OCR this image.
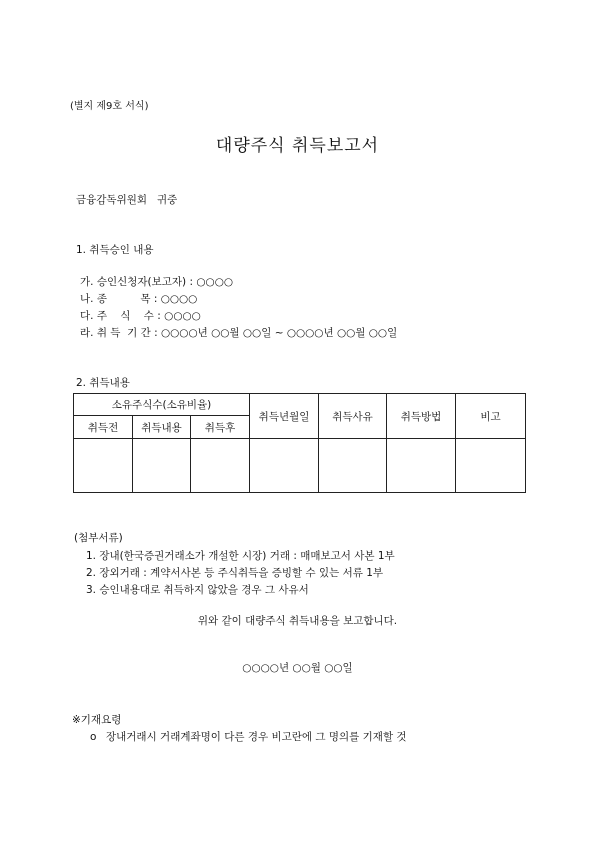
(별지 제9호 서식)
대량주식 취득보고서
금융감독위원회   귀중
1. 취득승인 내용
가. 승인신청자(보고자) : ○○○○
나. 종          목 : ○○○○
다. 주    식    수 : ○○○○
라. 취 득  기 간 : ○○○○년 ○○월 ○○일 ~ ○○○○년 ○○월 ○○일
2. 취득내용
소유주식수(소유비율)			취득년월일	취득사유	취득방법	비고
취득전	취득내용	취득후				

(첨부서류)
1. 장내(한국증권거래소가 개설한 시장) 거래 : 매매보고서 사본 1부
2. 장외거래 : 계약서사본 등 주식취득을 증빙할 수 있는 서류 1부
3. 승인내용대로 취득하지 않았을 경우 그 사유서
위와 같이 대량주식 취득내용을 보고합니다.
○○○○년 ○○월 ○○일
※기재요령
o 장내거래시 거래계좌명이 다른 경우 비고란에 그 명의를 기재할 것
